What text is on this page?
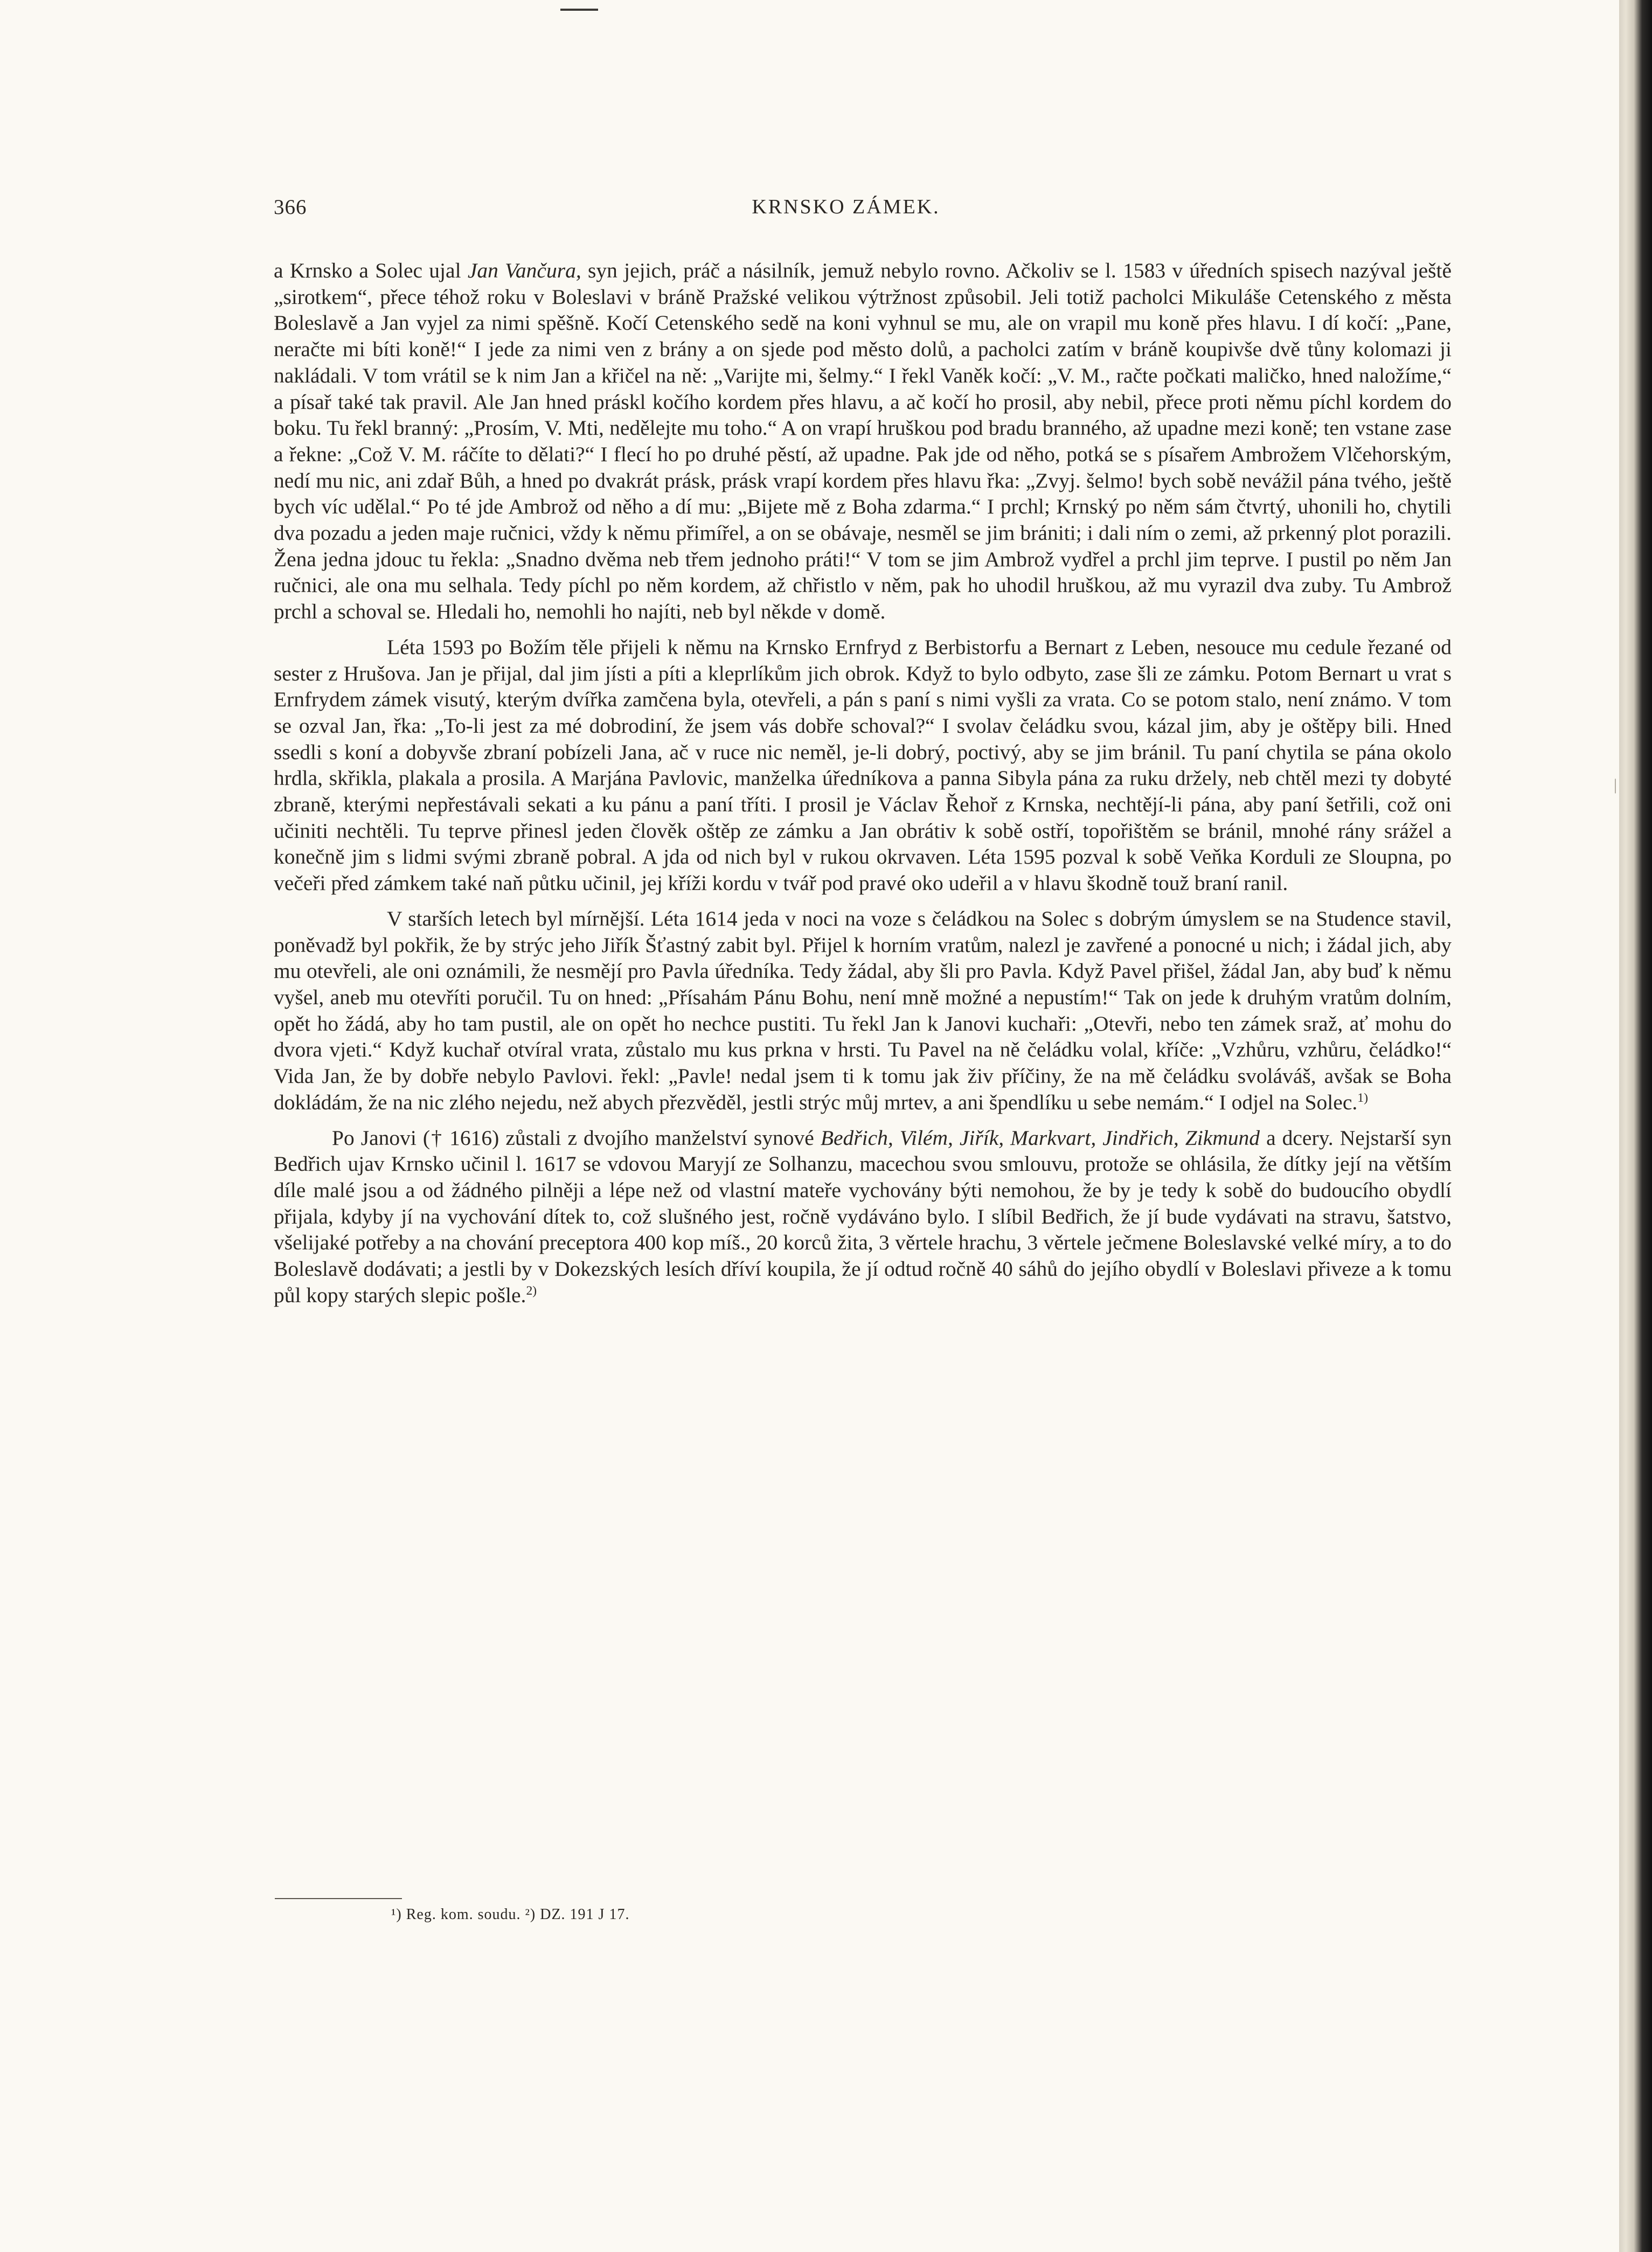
366	KRNSKO ZÁMEK.

a Krnsko a Solec ujal Jan Vančura, syn jejich, práč a násilník, jemuž nebylo rovno. Ačkoliv se l. 1583 v úředních spisech nazýval ještě „sirotkem“, přece téhož roku v Boleslavi v bráně Pražské velikou výtržnost způsobil. Jeli totiž pacholci Mikuláše Cetenského z města Boleslavě a Jan vyjel za nimi spěšně. Kočí Cetenského sedě na koni vyhnul se mu, ale on vrapil mu koně přes hlavu. I dí kočí: „Pane, neračte mi bíti koně!“ I jede za nimi ven z brány a on sjede pod město dolů, a pacholci zatím v bráně koupivše dvě tůny kolomazi ji nakládali. V tom vrátil se k nim Jan a křičel na ně: „Varijte mi, šelmy.“ I řekl Vaněk kočí: „V. M., račte počkati maličko, hned naložíme,“ a písař také tak pravil. Ale Jan hned práskl kočího kordem přes hlavu, a ač kočí ho prosil, aby nebil, přece proti němu píchl kordem do boku. Tu řekl branný: „Prosím, V. Mti, nedělejte mu toho.“ A on vrapí hruškou pod bradu branného, až upadne mezi koně; ten vstane zase a řekne: „Což V. M. ráčíte to dělati?“ I flecí ho po druhé pěstí, až upadne. Pak jde od něho, potká se s písařem Ambrožem Vlčehorským, nedí mu nic, ani zdař Bůh, a hned po dvakrát prásk, prásk vrapí kordem přes hlavu řka: „Zvyj. šelmo! bych sobě nevážil pána tvého, ještě bych víc udělal.“ Po té jde Ambrož od něho a dí mu: „Bijete mě z Boha zdarma.“ I prchl; Krnský po něm sám čtvrtý, uhonili ho, chytili dva pozadu a jeden maje ručnici, vždy k němu přimířel, a on se obávaje, nesměl se jim brániti; i dali ním o zemi, až prkenný plot porazili. Žena jedna jdouc tu řekla: „Snadno dvěma neb třem jednoho práti!“ V tom se jim Ambrož vydřel a prchl jim teprve. I pustil po něm Jan ručnici, ale ona mu selhala. Tedy píchl po něm kordem, až chřistlo v něm, pak ho uhodil hruškou, až mu vyrazil dva zuby. Tu Ambrož prchl a schoval se. Hledali ho, nemohli ho najíti, neb byl někde v domě.

Léta 1593 po Božím těle přijeli k němu na Krnsko Ernfryd z Berbistorfu a Bernart z Leben, nesouce mu cedule řezané od sester z Hrušova. Jan je přijal, dal jim jísti a píti a kleprlíkům jich obrok. Když to bylo odbyto, zase šli ze zámku. Potom Bernart u vrat s Ernfrydem zámek visutý, kterým dvířka zamčena byla, otevřeli, a pán s paní s nimi vyšli za vrata. Co se potom stalo, není známo. V tom se ozval Jan, řka: „To-li jest za mé dobrodiní, že jsem vás dobře schoval?“ I svolav čeládku svou, kázal jim, aby je oštěpy bili. Hned ssedli s koní a dobyvše zbraní pobízeli Jana, ač v ruce nic neměl, je-li dobrý, poctivý, aby se jim bránil. Tu paní chytila se pána okolo hrdla, skřikla, plakala a prosila. A Marjána Pavlovic, manželka úředníkova a panna Sibyla pána za ruku držely, neb chtěl mezi ty dobyté zbraně, kterými nepřestávali sekati a ku pánu a paní tříti. I prosil je Václav Řehoř z Krnska, nechtějí-li pána, aby paní šetřili, což oni učiniti nechtěli. Tu teprve přinesl jeden člověk oštěp ze zámku a Jan obrátiv k sobě ostří, topořištěm se bránil, mnohé rány srážel a konečně jim s lidmi svými zbraně pobral. A jda od nich byl v rukou okrvaven. Léta 1595 pozval k sobě Veňka Korduli ze Sloupna, po večeři před zámkem také naň půtku učinil, jej kříži kordu v tvář pod pravé oko udeřil a v hlavu škodně touž braní ranil.

V starších letech byl mírnější. Léta 1614 jeda v noci na voze s čeládkou na Solec s dobrým úmyslem se na Studence stavil, poněvadž byl pokřik, že by strýc jeho Jiřík Šťastný zabit byl. Přijel k horním vratům, nalezl je zavřené a ponocné u nich; i žádal jich, aby mu otevřeli, ale oni oznámili, že nesmějí pro Pavla úředníka. Tedy žádal, aby šli pro Pavla. Když Pavel přišel, žádal Jan, aby buď k němu vyšel, aneb mu otevříti poručil. Tu on hned: „Přísahám Pánu Bohu, není mně možné a nepustím!“ Tak on jede k druhým vratům dolním, opět ho žádá, aby ho tam pustil, ale on opět ho nechce pustiti. Tu řekl Jan k Janovi kuchaři: „Otevři, nebo ten zámek sraž, ať mohu do dvora vjeti.“ Když kuchař otvíral vrata, zůstalo mu kus prkna v hrsti. Tu Pavel na ně čeládku volal, kříče: „Vzhůru, vzhůru, čeládko!“ Vida Jan, že by dobře nebylo Pavlovi. řekl: „Pavle! nedal jsem ti k tomu jak živ příčiny, že na mě čeládku svoláváš, avšak se Boha dokládám, že na nic zlého nejedu, než abych přezvěděl, jestli strýc můj mrtev, a ani špendlíku u sebe nemám.“ I odjel na Solec.$^{1)}$

Po Janovi († 1616) zůstali z dvojího manželství synové Bedřich, Vilém, Jiřík, Markvart, Jindřich, Zikmund a dcery. Nejstarší syn Bedřich ujav Krnsko učinil l. 1617 se vdovou Maryjí ze Solhanzu, macechou svou smlouvu, protože se ohlásila, že dítky její na větším díle malé jsou a od žádného pilněji a lépe než od vlastní mateře vychovány býti nemohou, že by je tedy k sobě do budoucího obydlí přijala, kdyby jí na vychování dítek to, což slušného jest, ročně vydáváno bylo. I slíbil Bedřich, že jí bude vydávati na stravu, šatstvo, všelijaké potřeby a na chování preceptora 400 kop míš., 20 korců žita, 3 věrtele hrachu, 3 věrtele ječmene Boleslavské velké míry, a to do Boleslavě dodávati; a jestli by v Dokezských lesích dříví koupila, že jí odtud ročně 40 sáhů do jejího obydlí v Boleslavi přiveze a k tomu půl kopy starých slepic pošle.$^{2)}$

¹) Reg. kom. soudu. ²) DZ. 191 J 17.
|
